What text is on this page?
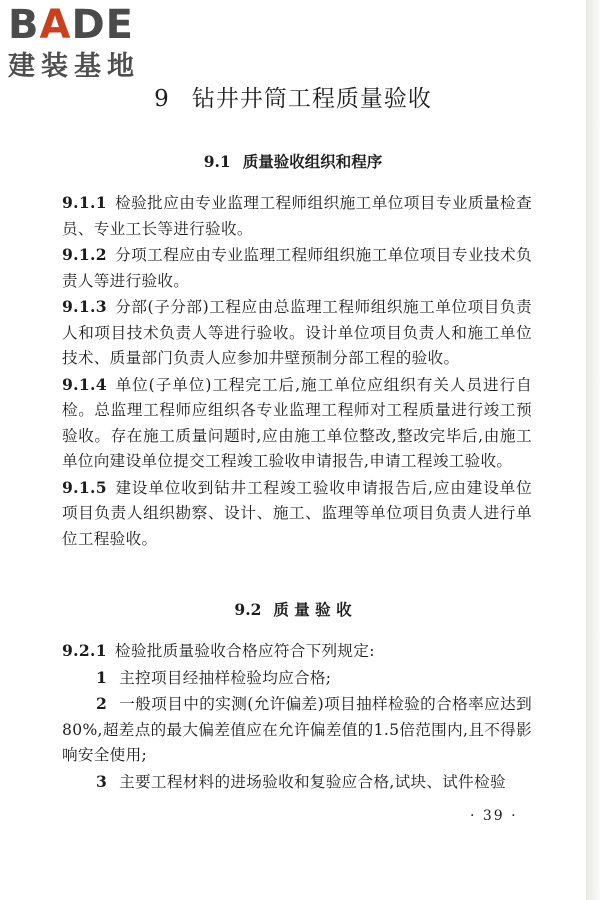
BADE
建装基地
9 钻井井筒工程质量验收
9.1 质量验收组织和程序

9.1.1 检验批应由专业监理工程师组织施工单位项目专业质量检查员、专业工长等进行验收。

9.1.2 分项工程应由专业监理工程师组织施工单位项目专业技术负责人等进行验收。

9.1.3 分部(子分部)工程应由总监理工程师组织施工单位项目负责人和项目技术负责人等进行验收。设计单位项目负责人和施工单位技术、质量部门负责人应参加井壁预制分部工程的验收。

9.1.4 单位(子单位)工程完工后,施工单位应组织有关人员进行自检。总监理工程师应组织各专业监理工程师对工程质量进行竣工预验收。存在施工质量问题时,应由施工单位整改,整改完毕后,由施工单位向建设单位提交工程竣工验收申请报告,申请工程竣工验收。

9.1.5 建设单位收到钻井工程竣工验收申请报告后,应由建设单位项目负责人组织勘察、设计、施工、监理等单位项目负责人进行单位工程验收。

9.2 质 量 验 收

9.2.1 检验批质量验收合格应符合下列规定:

1 主控项目经抽样检验均应合格;

2 一般项目中的实测(允许偏差)项目抽样检验的合格率应达到80%,超差点的最大偏差值应在允许偏差值的1.5倍范围内,且不得影响安全使用;

3 主要工程材料的进场验收和复验应合格,试块、试件检验

· 39 ·
